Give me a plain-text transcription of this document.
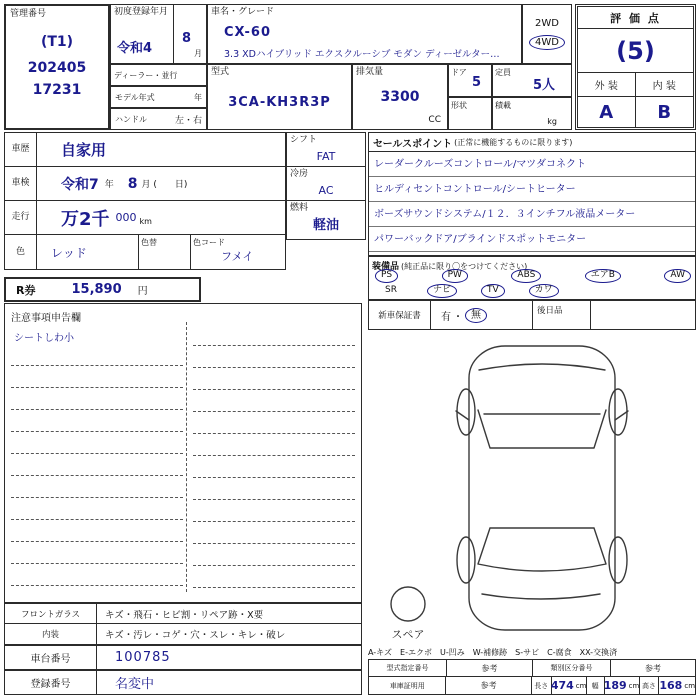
管理番号
(T1)
202405
17231
初度登録年月
令和4
8
月
ディーラー・並行
モデル年式	年
ハンドル	左・右
車名・グレード
CX-60
3.3 XDハイブリッド エクスクルーシブ モダン ディーゼルター…
2WD
4WD
型式
3CA-KH3R3P
排気量
3300
CC
ドア
5
定員
5人
形状	積載
kg
評 価 点
(5)
外 装	内 装
A	B
車歴	自家用
車検	令和7 年 8 月 ( 日)
走行	万2千 000 km
色	レッド
色替	色コード
フメイ
シフト
FAT
冷房
AC
燃料
軽油
セールスポイント (正常に機能するものに限ります)
レーダークルーズコントロール/マツダコネクト
ヒルディセントコントロール/シートヒーター
ボーズサウンドシステム/１２．３インチフル液晶メーター
パワーバックドア/ブラインドスポットモニター
装備品 (純正品に限り〇をつけてください)
PS	PW	ABS	エアB	AW
SR	ナビ	TV	カワ
新車保証書	有 ・ 無	後日品
R券	15,890 円
注意事項申告欄
シートしわ小
スペア
フロントガラス	キズ・飛石・ヒビ割・リペア跡・X要
内装	キズ・汚レ・コゲ・穴・スレ・キレ・破レ
車台番号	100785
登録番号	名変中
A-キズ　E-エクボ　U-凹み　W-補修跡　S-サビ　C-腐食　XX-交換済
型式指定番号	参考	類別区分番号	参考
車庫証明用	参考	長さ 474 cm 幅 189 cm 高さ 168 cm
